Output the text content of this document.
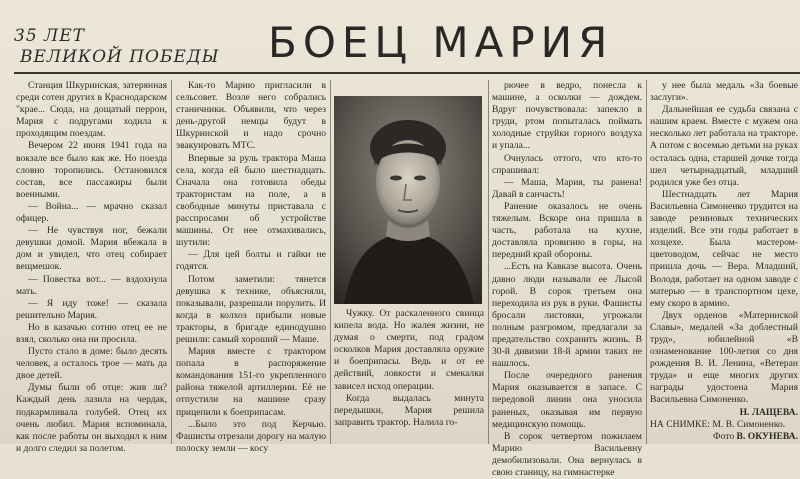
35 ЛЕТ
ВЕЛИКОЙ ПОБЕДЫ	БОЕЦ МАРИЯ

Станция Шкуринская, затерянная среди сотен других в Краснодарском "крае... Сюда, на дощатый перрон, Мария с подругами ходила к проходящим поездам.

Вечером 22 июня 1941 года на вокзале все было как же. Но поезда словно торопились. Остановился состав, все пассажиры были военными.

— Война... — мрачно сказал офицер.

— Не чувствуя ног, бежали девушки домой. Мария вбежала в дом и увидел, что отец собирает вещмешок.

— Повестка вот... — вздохнула мать.

— Я иду тоже! — сказала решительно Мария.

Но в казачью сотню отец ее не взял, сколько она ни просила.

Пусто стало в доме: было десять человек, а осталось трое — мать да двое детей.

Думы были об отце: жив ли? Каждый день лазила на чердак, подкармливала голубей. Отец их очень любил. Мария вспоминала, как после работы он выходил к ним и долго следил за полетом.

Как-то Марию пригласили в сельсовет. Возле него собрались станичники. Объявили, что через день-другой немцы будут в Шкуринской и надо срочно эвакуировать МТС.

Впервые за руль трактора Маша села, когда ей было шестнадцать. Сначала она готовила обеды трактористам на поле, а в свободные минуты приставала с расспросами об устройстве машины. От нее отмахивались, шутили:

— Для цей болты и гайки не годятся.

Потом заметили: тянется девушка к технике, объясняли, показывали, разрешали порулить. И когда в колхоз прибыли новые тракторы, в бригаде единодушно решили: самый хороший — Маше.

Мария вместе с трактором попала в распоряжение командования 151-го укрепленного района тяжелой артиллерии. Её не отпустили на машине сразу прицепили к боеприпасам.

...Было это под Керчью. Фашисты отрезали дорогу на малую полоску земли — косу

Чужку. От раскаленного свинца кипела вода. Но жалея жизни, не думая о смерти, под градом осколков Мария доставляла оружие и боеприпасы. Ведь и от ее действий, ловкости и смекалки зависел исход операции.

Когда выдалась минута передышки, Мария решила заправить трактор. Налила го-

рючее в ведро, понесла к машине, а осколки — дождем. Вдруг почувствовала: запекло в груди, ртом попыталась поймать холодные струйки горного воздуха и упала...

Очнулась оттого, что кто-то спрашивал:

— Маша, Мария, ты ранена! Давай в санчасть!

Ранение оказалось не очень тяжелым. Вскоре она пришла в часть, работала на кухне, доставляла провизию в горы, на передний край обороны.

...Есть на Кавказе высота. Очень давно люди называли ее Лысой горой. В сорок третьем она переходила из рук в руки. Фашисты бросали листовки, угрожали полным разгромом, предлагали за предательство сохранить жизнь. В 30-й дивизии 18-й армии таких не нашлось.

После очередного ранения Мария оказывается в запасе. С передовой линии она уносила раненых, оказывая им первую медицинскую помощь.

В сорок четвертом пожилаем Марию Васильевну демобилизовали. Она вернулась в свою станицу, на гимнастерке

у нее была медаль «За боевые заслуги».

Дальнейшая ее судьба связана с нашим краем. Вместе с мужем она несколько лет работала на тракторе. А потом с восемью детьми на руках осталась одна, старшей дочке тогда шел четырнадцатый, младший родился уже без отца.

Шестнадцать лет Мария Васильевна Симоненко трудится на заводе резиновых технических изделий. Все эти годы работает в хозцехе. Была мастером-цветоводом, сейчас не место пришла дочь — Вера. Младший, Володя, работает на одном заводе с матерью — в транспортном цехе, ему скоро в армию.

Двух орденов «Материнской Славы», медалей «За доблестный труд», юбилейной «В ознаменование 100-летия со дня рождения В. И. Ленина, «Ветеран труда» и еще многих других награды удостоена Мария Васильевна Симоненко.

Н. ЛАЩЕВА.

НА СНИМКЕ: М. В. Симоненко.

Фото В. ОКУНЕВА.
